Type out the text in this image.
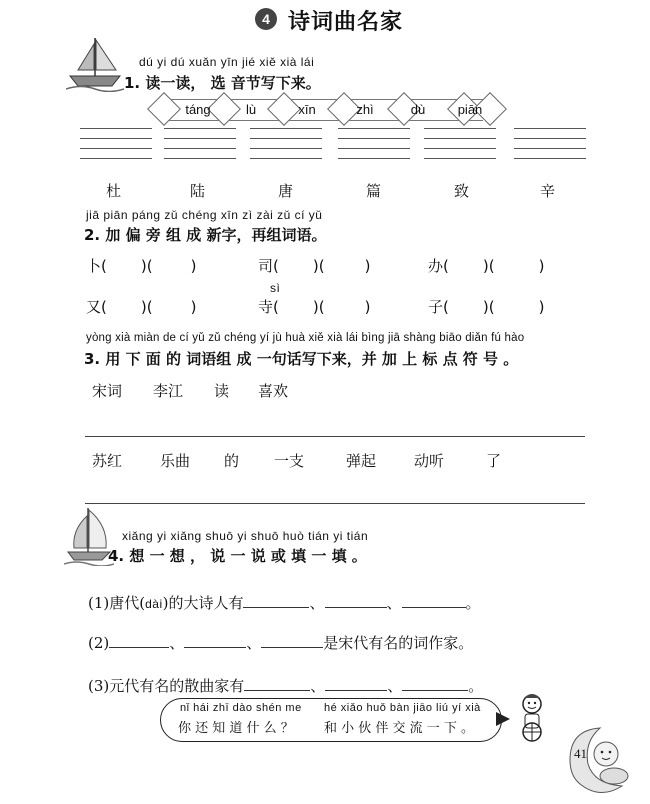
4 诗词曲名家
dú yi dú xuǎn yīn jié xiě xià lái
1. 读一读， 选 音节写下来。
táng	lù	xīn	zhì	dù	piān
杜	陆	唐	篇	致	辛
jiā piān páng zǔ chéng xīn zì zài zǔ cí yǔ
2. 加 偏 旁 组 成 新字，再组词语。
卜( )(	)	司( )(	)	办( )(	)
sì
又( )(	)	寺( )(	)	子( )(	)
yòng xià miàn de cí yǔ zǔ chéng yí jù huà xiě xià lái bìng jiā shàng biāo diǎn fú hào
3. 用 下 面 的 词语组 成 一句话写下来，并 加 上 标 点 符 号 。
宋词 李江 读 喜欢
苏红	乐曲 的 一支	弹起	动听	了
xiǎng yi xiǎng shuō yi shuō huò tián yi tián
4. 想 一 想 ， 说 一 说 或 填 一 填 。
(1)唐代(dài)的大诗人有	、	、	。
(2)	、	、	是宋代有名的词作家。
(3)元代有名的散曲家有	、	、	。
nǐ hái zhī dào shén me hé xiǎo huǒ bàn jiāo liú yí xià
你 还 知 道 什 么 ？ 和 小 伙 伴 交 流 一 下 。
41
